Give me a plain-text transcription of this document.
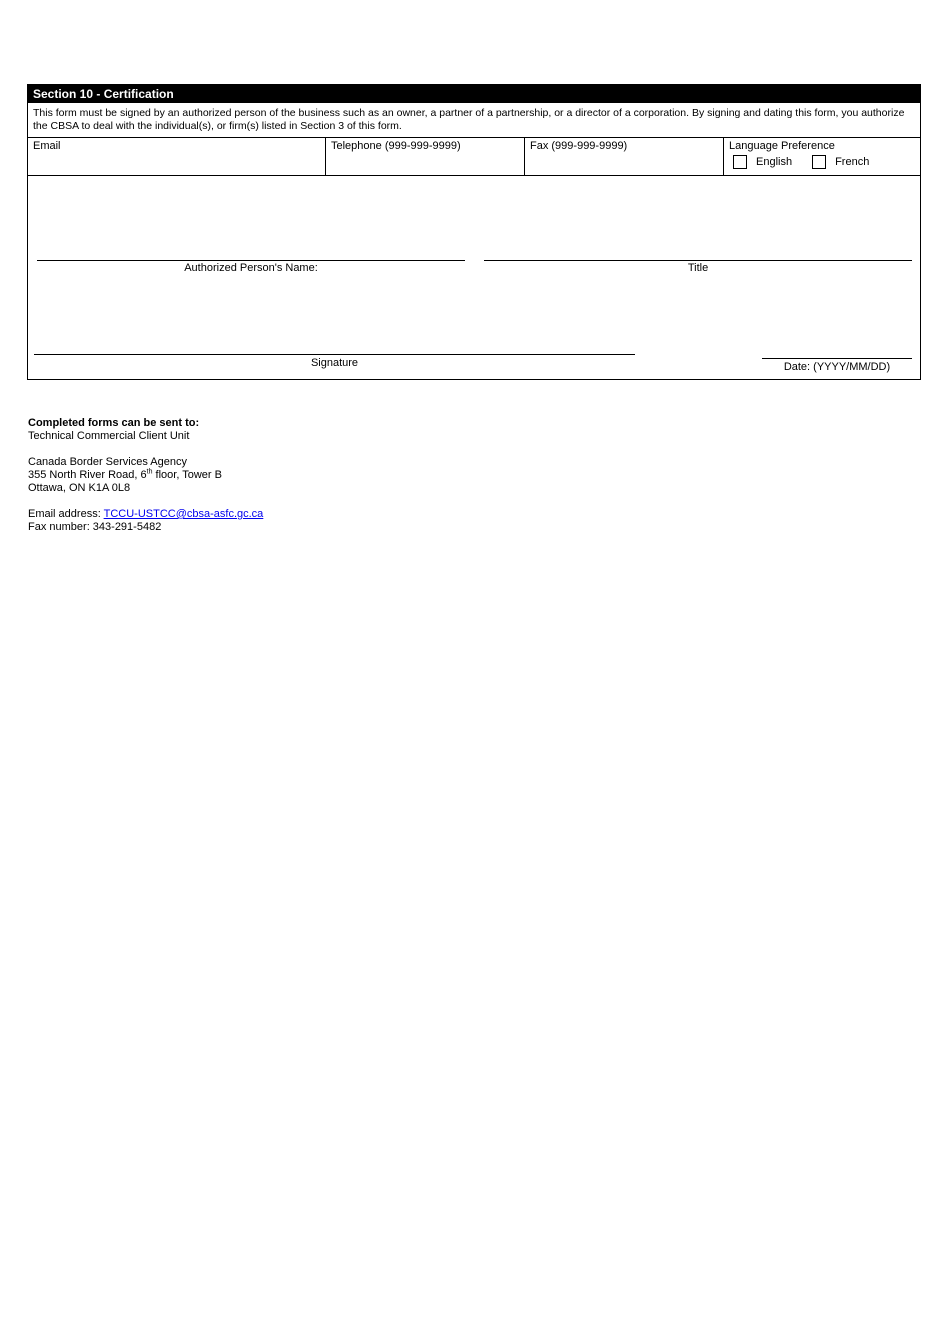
Section 10 - Certification
This form must be signed by an authorized person of the business such as an owner, a partner of a partnership, or a director of a corporation. By signing and dating this form, you authorize the CBSA to deal with the individual(s), or firm(s) listed in Section 3 of this form.
Email	Telephone (999-999-9999)	Fax (999-999-9999)	Language Preference
English	French
Authorized Person's Name:	Title
Signature	Date: (YYYY/MM/DD)

Completed forms can be sent to:

Technical Commercial Client Unit

Canada Border Services Agency

355 North River Road, 6th floor, Tower B

Ottawa, ON K1A 0L8

Email address: TCCU-USTCC@cbsa-asfc.gc.ca

Fax number: 343-291-5482
